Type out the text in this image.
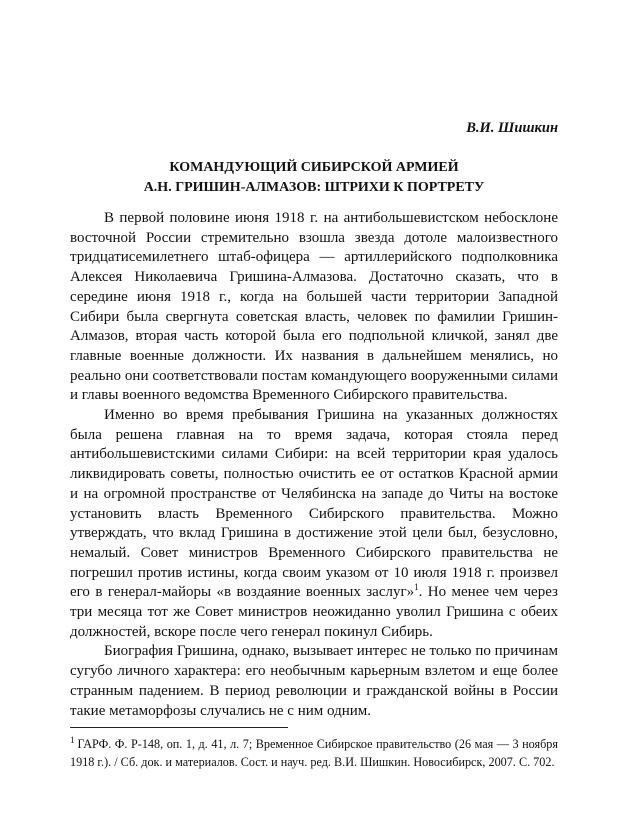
В.И. Шишкин
КОМАНДУЮЩИЙ СИБИРСКОЙ АРМИЕЙ
А.Н. ГРИШИН-АЛМАЗОВ: ШТРИХИ К ПОРТРЕТУ

В первой половине июня 1918 г. на антибольшевистском небосклоне восточной России стремительно взошла звезда дотоле малоизвестного тридцатисемилетнего штаб-офицера — артиллерийского подполковника Алексея Николаевича Гришина-Алмазова. Достаточно сказать, что в середине июня 1918 г., когда на большей части территории Западной Сибири была свергнута советская власть, человек по фамилии Гришин-Алмазов, вторая часть которой была его подпольной кличкой, занял две главные военные должности. Их названия в дальнейшем менялись, но реально они соответствовали постам командующего вооруженными силами и главы военного ведомства Временного Сибирского правительства.

Именно во время пребывания Гришина на указанных должностях была решена главная на то время задача, которая стояла перед антибольшевистскими силами Сибири: на всей территории края удалось ликвидировать советы, полностью очистить ее от остатков Красной армии и на огромной пространстве от Челябинска на западе до Читы на востоке установить власть Временного Сибирского правительства. Можно утверждать, что вклад Гришина в достижение этой цели был, безусловно, немалый. Совет министров Временного Сибирского правительства не погрешил против истины, когда своим указом от 10 июля 1918 г. произвел его в генерал-майоры «в воздаяние военных заслуг»$^1$. Но менее чем через три месяца тот же Совет министров неожиданно уволил Гришина с обеих должностей, вскоре после чего генерал покинул Сибирь.

Биография Гришина, однако, вызывает интерес не только по причинам сугубо личного характера: его необычным карьерным взлетом и еще более странным падением. В период революции и гражданской войны в России такие метаморфозы случались не с ним одним.

$^1$ ГАРФ. Ф. Р-148, оп. 1, д. 41, л. 7; Временное Сибирское правительство (26 мая — 3 ноября 1918 г.). / Сб. док. и материалов. Сост. и науч. ред. В.И. Шишкин. Новосибирск, 2007. С. 702.
